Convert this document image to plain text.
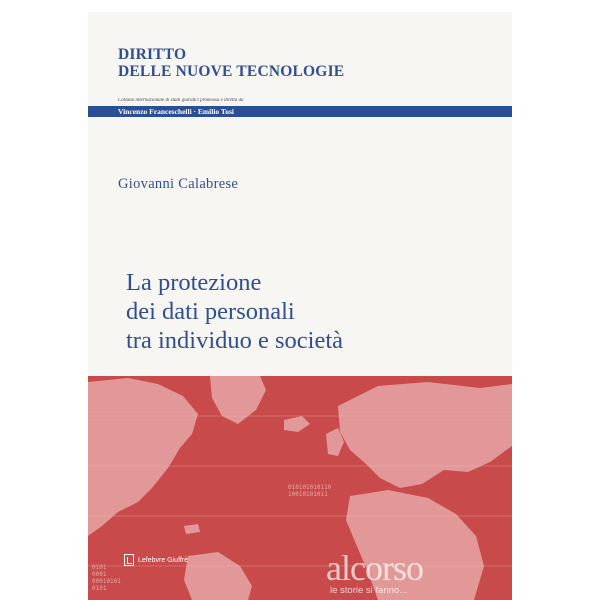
DIRITTO
DELLE NUOVE TECNOLOGIE
Collana internazionale di studi giuridici promossa e diretta da
Vincenzo Franceschelli · Emilio Tosi
Giovanni Calabrese
La protezione
dei dati personali
tra individuo e società
010101010110
10010101011
0101
0001
00010101
0101
Lefebvre Giuffrè	alcorso
le storie si fanno...
